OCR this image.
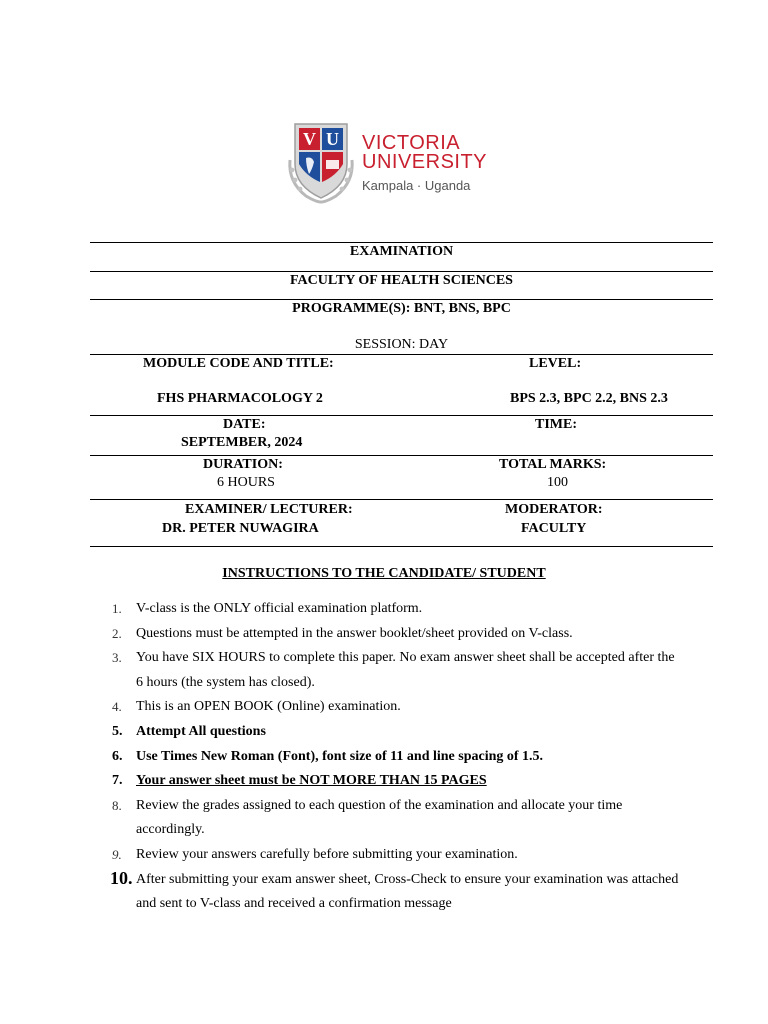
V U VICTORIA
UNIVERSITY
Kampala · Uganda
EXAMINATION
FACULTY OF HEALTH SCIENCES
PROGRAMME(S): BNT, BNS, BPC
SESSION: DAY
MODULE CODE AND TITLE:	LEVEL:
FHS PHARMACOLOGY 2	BPS 2.3, BPC 2.2, BNS 2.3
DATE:	TIME:
SEPTEMBER, 2024
DURATION:	TOTAL MARKS:
6 HOURS	100
EXAMINER/ LECTURER:	MODERATOR:
DR. PETER NUWAGIRA	FACULTY
INSTRUCTIONS TO THE CANDIDATE/ STUDENT
1. V-class is the ONLY official examination platform.
2. Questions must be attempted in the answer booklet/sheet provided on V-class.
3. You have SIX HOURS to complete this paper. No exam answer sheet shall be accepted after the 6 hours (the system has closed).
4. This is an OPEN BOOK (Online) examination.
5. Attempt All questions
6. Use Times New Roman (Font), font size of 11 and line spacing of 1.5.
7. Your answer sheet must be NOT MORE THAN 15 PAGES
8. Review the grades assigned to each question of the examination and allocate your time accordingly.
9. Review your answers carefully before submitting your examination.
10. After submitting your exam answer sheet, Cross-Check to ensure your examination was attached and sent to V-class and received a confirmation message
